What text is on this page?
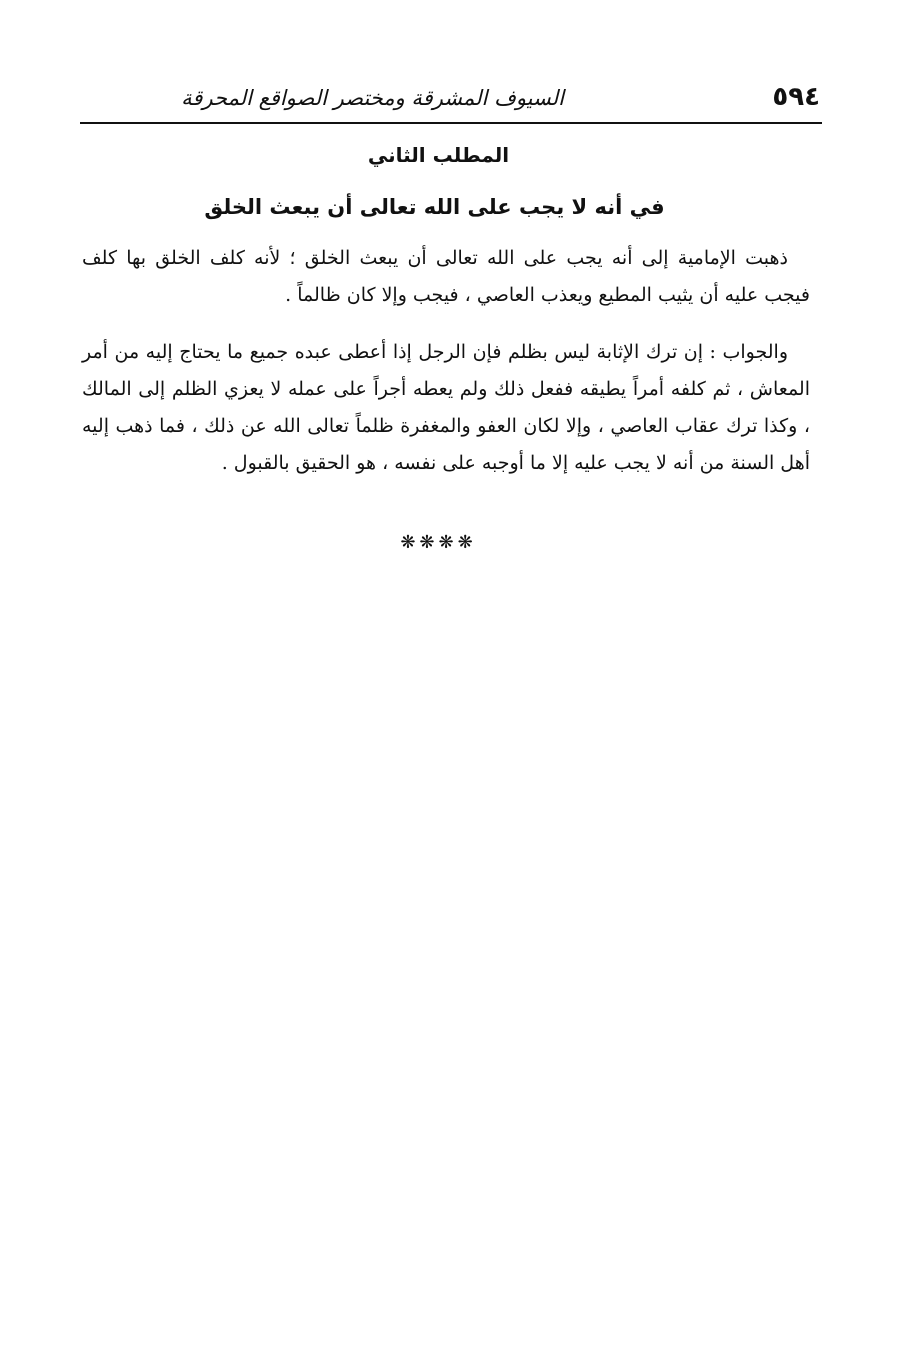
٥٩٤
السيوف المشرقة ومختصر الصواقع المحرقة
المطلب الثاني
في أنه لا يجب على الله تعالى أن يبعث الخلق

ذهبت الإمامية إلى أنه يجب على الله تعالى أن يبعث الخلق ؛ لأنه كلف الخلق بها كلف فيجب عليه أن يثيب المطيع ويعذب العاصي ، فيجب وإلا كان ظالماً .

والجواب : إن ترك الإثابة ليس بظلم فإن الرجل إذا أعطى عبده جميع ما يحتاج إليه من أمر المعاش ، ثم كلفه أمراً يطيقه ففعل ذلك ولم يعطه أجراً على عمله لا يعزي الظلم إلى المالك ، وكذا ترك عقاب العاصي ، وإلا لكان العفو والمغفرة ظلماً تعالى الله عن ذلك ، فما ذهب إليه أهل السنة من أنه لا يجب عليه إلا ما أوجبه على نفسه ، هو الحقيق بالقبول .

❋❋❋❋
